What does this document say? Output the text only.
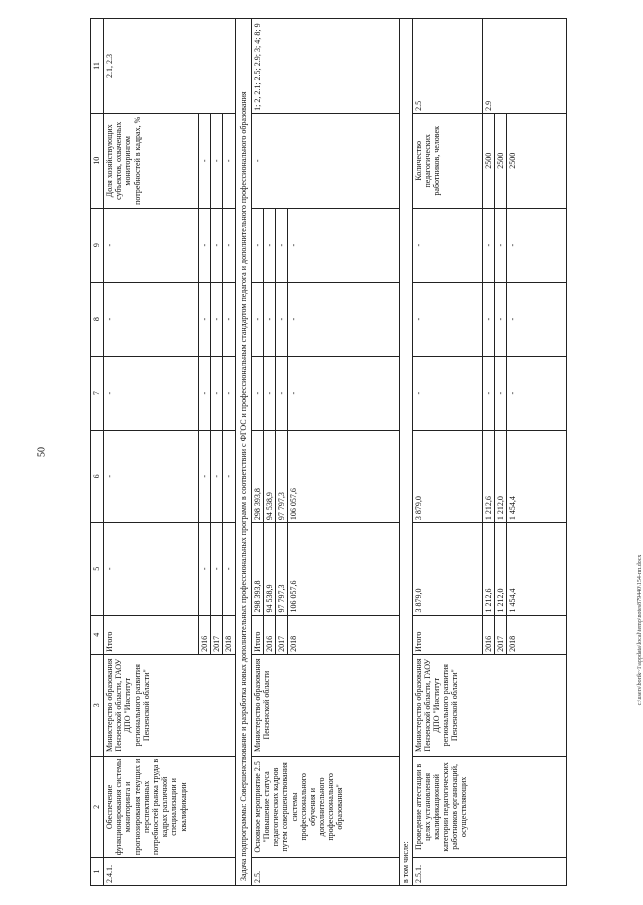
50
c:\users\borik~1\appdata\local\temp\notes879440\154-пп.docx
1	2	3	4	5	6	7	8	9	10	11
2.4.1.	Обеспечение функционирования системы мониторинга и прогнозирования текущих и перспективных потребностей рынка труда в кадрах различной специализации и квалификации	Министерство образования Пензенской области, ГАОУ ДПО "Институт регионального развития Пензенской области"	Итого	-	-	-	-	-	Доля хозяйствующих субъектов, охваченных мониторингом потребностей в кадрах, %	2.1, 2.3
			2016	-	-	-	-	-	-	
			2017	-	-	-	-	-	-	
			2018	-	-	-	-	-	-	
Задача подпрограммы: Совершенствование и разработка новых дополнительных профессиональных программ в соответствии с ФГОС и профессиональным стандартом педагога и дополнительного профессионального образования										
2.5.	Основное мероприятие 2.5 "Повышение статуса педагогических кадров путем совершенствования системы профессионального обучения и дополнительного профессионального образования"	Министерство образования Пензенской области	Итого	298 393,8	298 393,8	-	-	-	-	1; 2, 2.1; 2.5; 2.9; 3; 4; 8; 9
			2016	94 538,9	94 538,9	-	-	-		
			2017	97 797,3	97 797,3	-	-	-		
			2018	106 057,6	106 057,6	-	-	-		
в том числе:										
2.5.1.	Проведение аттестации в целях установления квалификационной категории педагогических работников организаций, осуществляющих	Министерство образования Пензенской области, ГАОУ ДПО "Институт регионального развития Пензенской области"	Итого	3 879,0	3 879,0	-	-	-	Количество педагогических работников, человек	2.5
			2016	1 212,6	1 212,6	-	-	-	2500	2.9
			2017	1 212,0	1 212,0	-	-	-	2500	
			2018	1 454,4	1 454,4	-	-	-	2500	
